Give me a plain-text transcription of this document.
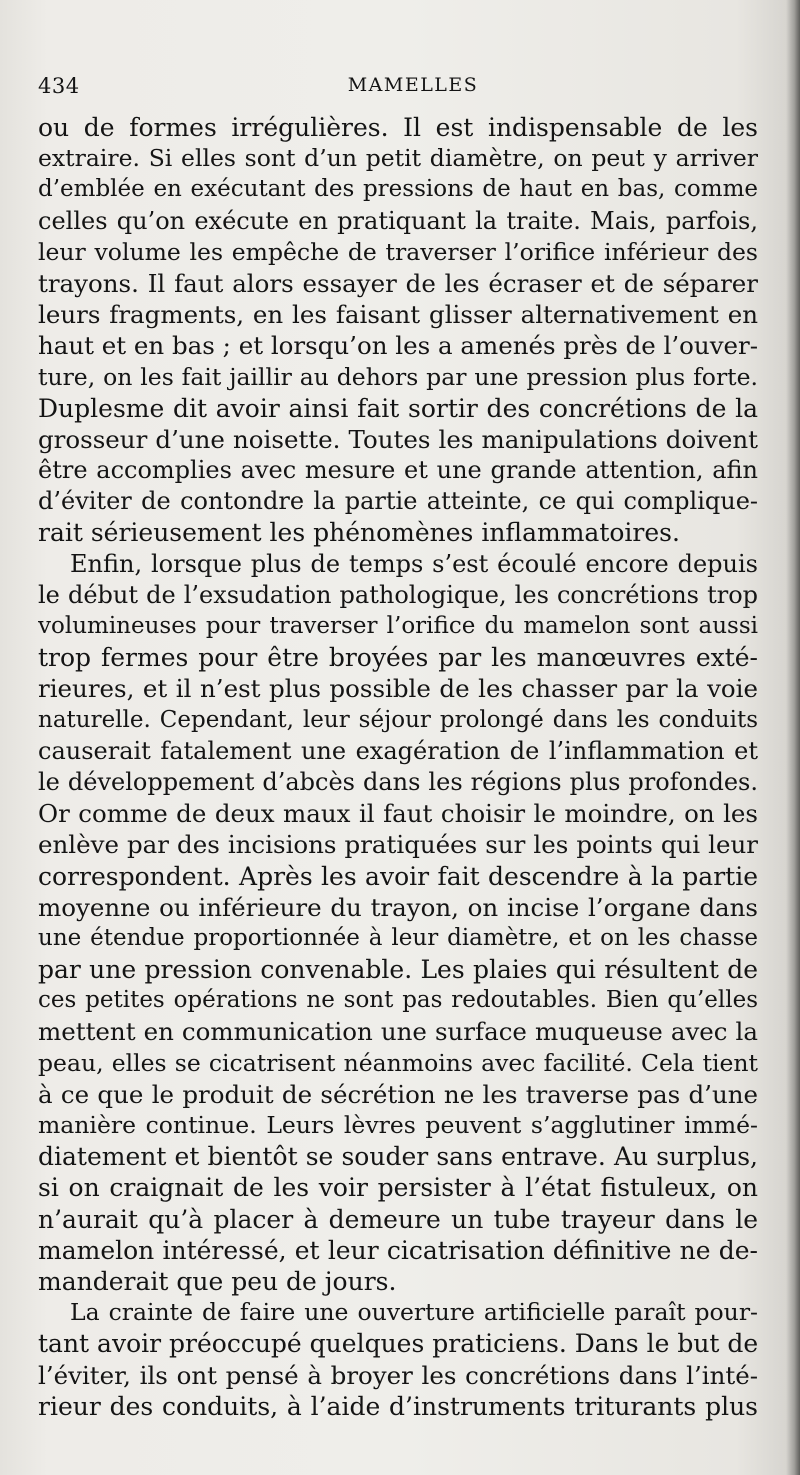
434	MAMELLES
ou de formes irrégulières. Il est indispensable de les
extraire. Si elles sont d’un petit diamètre, on peut y arriver
d’emblée en exécutant des pressions de haut en bas, comme
celles qu’on exécute en pratiquant la traite. Mais, parfois,
leur volume les empêche de traverser l’orifice inférieur des
trayons. Il faut alors essayer de les écraser et de séparer
leurs fragments, en les faisant glisser alternativement en
haut et en bas ; et lorsqu’on les a amenés près de l’ouver-
ture, on les fait jaillir au dehors par une pression plus forte.
Duplesme dit avoir ainsi fait sortir des concrétions de la
grosseur d’une noisette. Toutes les manipulations doivent
être accomplies avec mesure et une grande attention, afin
d’éviter de contondre la partie atteinte, ce qui complique-
rait sérieusement les phénomènes inflammatoires.
Enfin, lorsque plus de temps s’est écoulé encore depuis
le début de l’exsudation pathologique, les concrétions trop
volumineuses pour traverser l’orifice du mamelon sont aussi
trop fermes pour être broyées par les manœuvres exté-
rieures, et il n’est plus possible de les chasser par la voie
naturelle. Cependant, leur séjour prolongé dans les conduits
causerait fatalement une exagération de l’inflammation et
le développement d’abcès dans les régions plus profondes.
Or comme de deux maux il faut choisir le moindre, on les
enlève par des incisions pratiquées sur les points qui leur
correspondent. Après les avoir fait descendre à la partie
moyenne ou inférieure du trayon, on incise l’organe dans
une étendue proportionnée à leur diamètre, et on les chasse
par une pression convenable. Les plaies qui résultent de
ces petites opérations ne sont pas redoutables. Bien qu’elles
mettent en communication une surface muqueuse avec la
peau, elles se cicatrisent néanmoins avec facilité. Cela tient
à ce que le produit de sécrétion ne les traverse pas d’une
manière continue. Leurs lèvres peuvent s’agglutiner immé-
diatement et bientôt se souder sans entrave. Au surplus,
si on craignait de les voir persister à l’état fistuleux, on
n’aurait qu’à placer à demeure un tube trayeur dans le
mamelon intéressé, et leur cicatrisation définitive ne de-
manderait que peu de jours.
La crainte de faire une ouverture artificielle paraît pour-
tant avoir préoccupé quelques praticiens. Dans le but de
l’éviter, ils ont pensé à broyer les concrétions dans l’inté-
rieur des conduits, à l’aide d’instruments triturants plus
